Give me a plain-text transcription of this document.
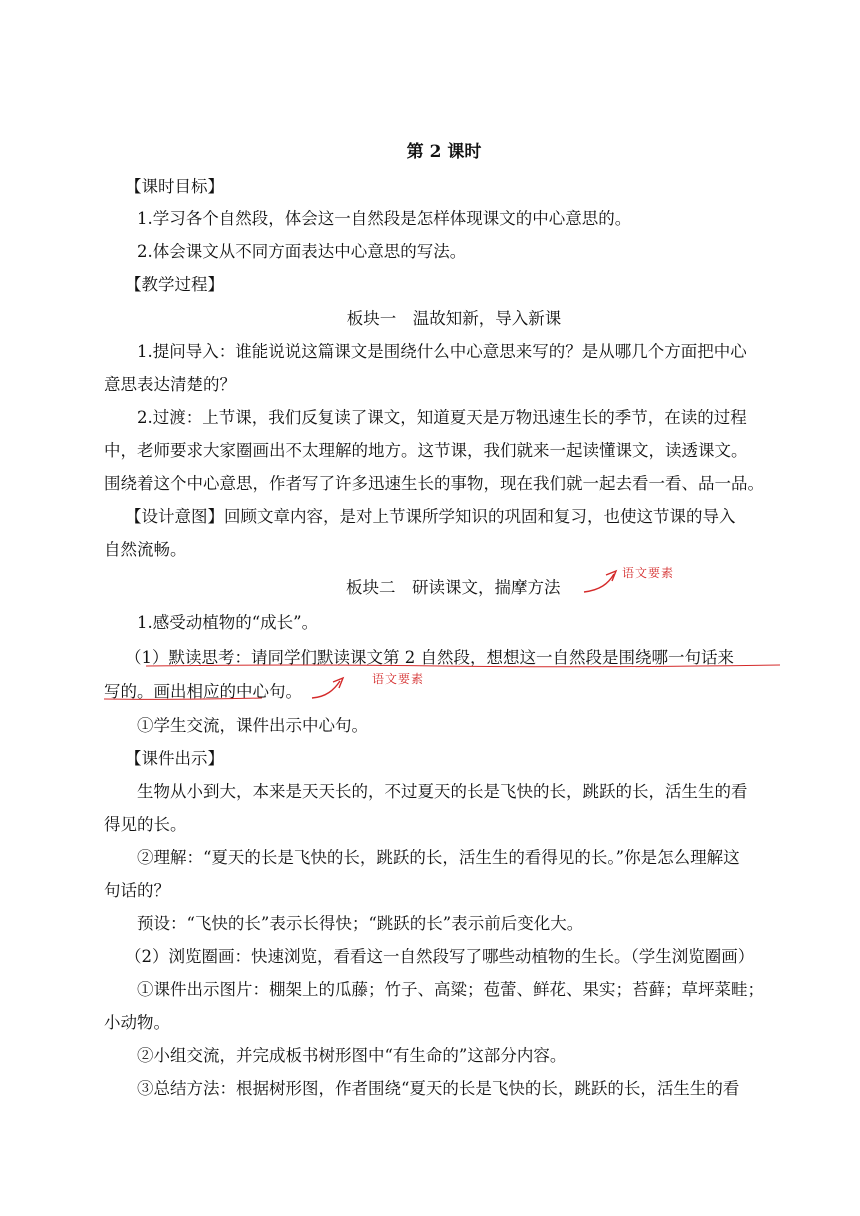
第 2 课时
【课时目标】
1.学习各个自然段，体会这一自然段是怎样体现课文的中心意思的。
2.体会课文从不同方面表达中心意思的写法。
【教学过程】
板块一　温故知新，导入新课
1.提问导入：谁能说说这篇课文是围绕什么中心意思来写的？是从哪几个方面把中心
意思表达清楚的？
2.过渡：上节课，我们反复读了课文，知道夏天是万物迅速生长的季节，在读的过程
中，老师要求大家圈画出不太理解的地方。这节课，我们就来一起读懂课文，读透课文。
围绕着这个中心意思，作者写了许多迅速生长的事物，现在我们就一起去看一看、品一品。
【设计意图】回顾文章内容，是对上节课所学知识的巩固和复习，也使这节课的导入
自然流畅。
板块二　研读课文，揣摩方法
语文要素
1.感受动植物的“成长”。
（1）默读思考：请同学们默读课文第 2 自然段，想想这一自然段是围绕哪一句话来
写的。画出相应的中心句。
语文要素
①学生交流，课件出示中心句。
【课件出示】
生物从小到大，本来是天天长的，不过夏天的长是飞快的长，跳跃的长，活生生的看
得见的长。
②理解：“夏天的长是飞快的长，跳跃的长，活生生的看得见的长。”你是怎么理解这
句话的？
预设：“飞快的长”表示长得快；“跳跃的长”表示前后变化大。
（2）浏览圈画：快速浏览，看看这一自然段写了哪些动植物的生长。（学生浏览圈画）
①课件出示图片：棚架上的瓜藤；竹子、高粱；苞蕾、鲜花、果实；苔藓；草坪菜畦；
小动物。
②小组交流，并完成板书树形图中“有生命的”这部分内容。
③总结方法：根据树形图，作者围绕“夏天的长是飞快的长，跳跃的长，活生生的看
